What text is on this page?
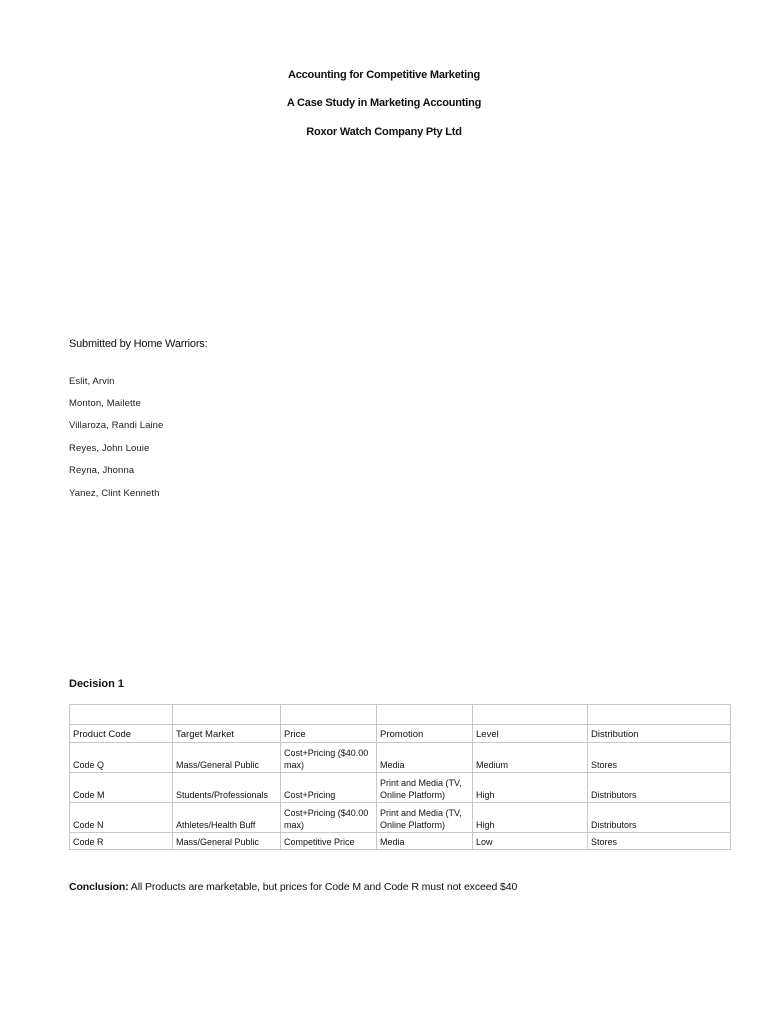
Accounting for Competitive Marketing
A Case Study in Marketing Accounting
Roxor Watch Company Pty Ltd
Submitted by Home Warriors:
Eslit, Arvin
Monton, Mailette
Villaroza, Randi Laine
Reyes, John Louie
Reyna, Jhonna
Yanez, Clint Kenneth
Decision 1

Product Code	Target Market	Price	Promotion	Level	Distribution
Code Q	Mass/General Public	Cost+Pricing ($40.00 max)	Media	Medium	Stores
Code M	Students/Professionals	Cost+Pricing	Print and Media (TV, Online Platform)	High	Distributors
Code N	Athletes/Health Buff	Cost+Pricing ($40.00 max)	Print and Media (TV, Online Platform)	High	Distributors
Code R	Mass/General Public	Competitive Price	Media	Low	Stores
Conclusion: All Products are marketable, but prices for Code M and Code R must not exceed $40
